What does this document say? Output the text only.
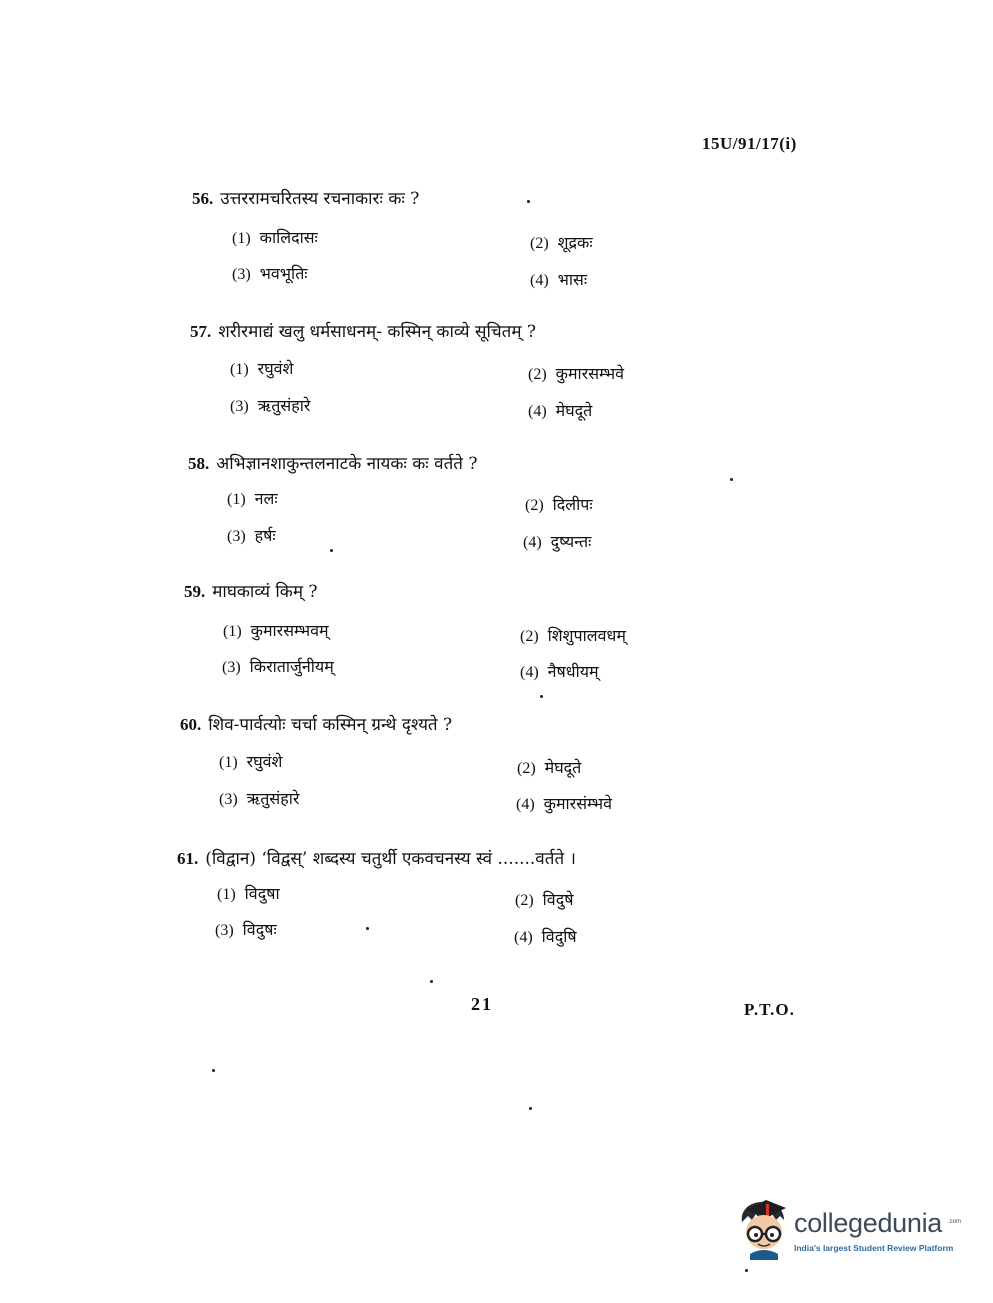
15U/91/17(i)
56. उत्तररामचरितस्य रचनाकारः कः ?
(1) कालिदासः	(2) शूद्रकः
(3) भवभूतिः	(4) भासः
57. शरीरमाद्यं खलु धर्मसाधनम्- कस्मिन् काव्ये सूचितम् ?
(1) रघुवंशे	(2) कुमारसम्भवे
(3) ऋतुसंहारे	(4) मेघदूते
58. अभिज्ञानशाकुन्तलनाटके नायकः कः वर्तते ?
(1) नलः	(2) दिलीपः
(3) हर्षः	(4) दुष्यन्तः
59. माघकाव्यं किम् ?
(1) कुमारसम्भवम्	(2) शिशुपालवधम्
(3) किरातार्जुनीयम्	(4) नैषधीयम्
60. शिव-पार्वत्योः चर्चा कस्मिन् ग्रन्थे दृश्यते ?
(1) रघुवंशे	(2) मेघदूते
(3) ऋतुसंहारे	(4) कुमारसंम्भवे
61. (विद्वान) ‘विद्वस्’ शब्दस्य चतुर्थी एकवचनस्य स्वं .......वर्तते ।
(1) विदुषा	(2) विदुषे
(3) विदुषः	(4) विदुषि
21	P.T.O.
collegedunia .com
India's largest Student Review Platform
